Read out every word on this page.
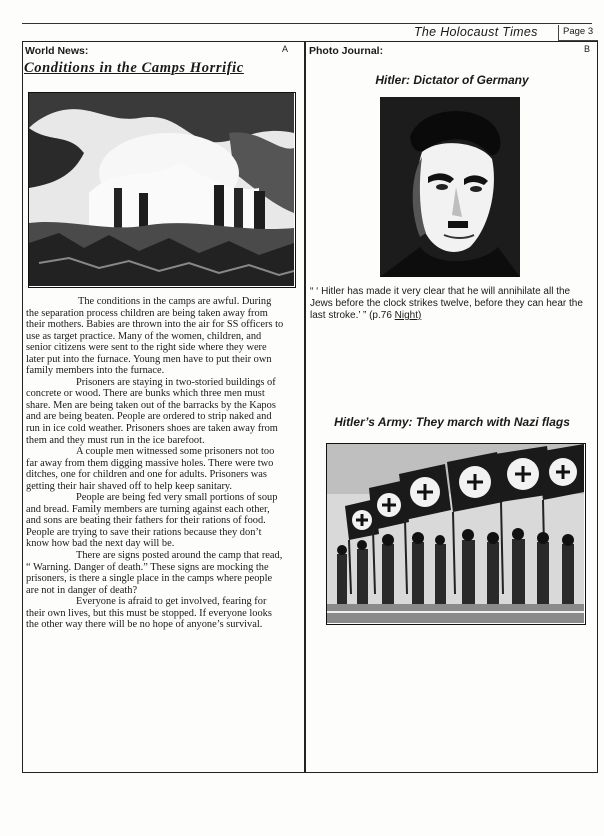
The Holocaust Times	Page 3
World News:	A
Conditions in the Camps Horrific

The conditions in the camps are awful. During the separation process children are being taken away from their mothers. Babies are thrown into the air for SS officers to use as target practice. Many of the women, children, and senior citizens were sent to the right side where they were later put into the furnace. Young men have to put their own family members into the furnace.

Prisoners are staying in two-storied buildings of concrete or wood. There are bunks which three men must share. Men are being taken out of the barracks by the Kapos and are being beaten. People are ordered to strip naked and run in ice cold weather. Prisoners shoes are taken away from them and they must run in the ice barefoot.

A couple men witnessed some prisoners not too far away from them digging massive holes. There were two ditches, one for children and one for adults. Prisoners was getting their hair shaved off to help keep sanitary.

People are being fed very small portions of soup and bread. Family members are turning against each other, and sons are beating their fathers for their rations of food. People are trying to save their rations because they don’t know how bad the next day will be.

There are signs posted around the camp that read, “ Warning. Danger of death.” These signs are mocking the prisoners, is there a single place in the camps where people are not in danger of death?

Everyone is afraid to get involved, fearing for their own lives, but this must be stopped. If everyone looks the other way there will be no hope of anyone’s survival.

Photo Journal:	B
Hitler: Dictator of Germany
“ ‘ Hitler has made it very clear that he will annihilate all the Jews before the clock strikes twelve, before they can hear the last stroke.’ ” (p.76 Night)
Hitler’s Army: They march with Nazi flags
